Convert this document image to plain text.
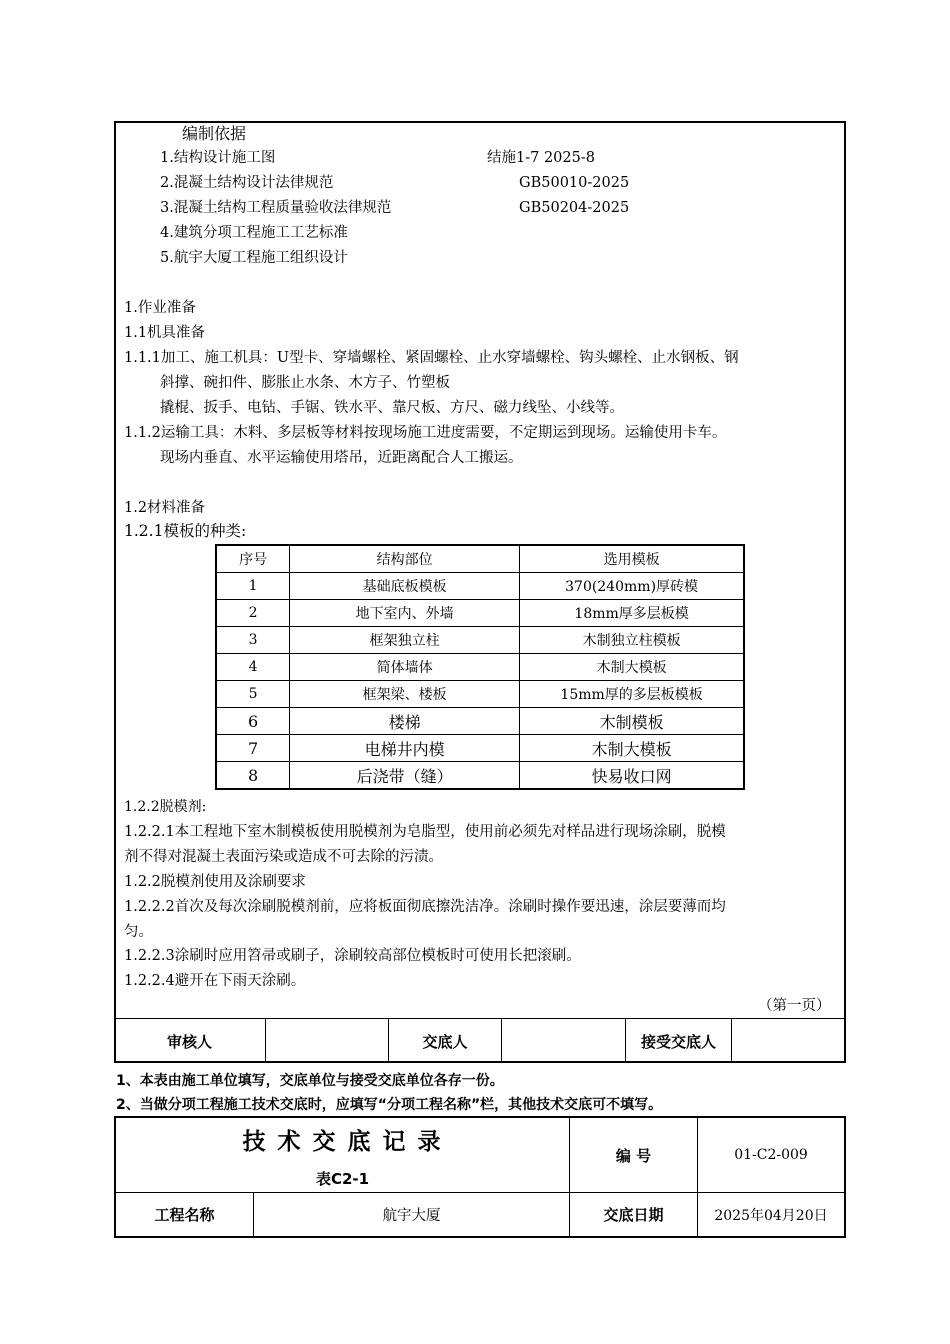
编制依据
1.结构设计施工图	结施1-7 2025-8
2.混凝土结构设计法律规范	GB50010-2025
3.混凝土结构工程质量验收法律规范	GB50204-2025
4.建筑分项工程施工工艺标准
5.航宇大厦工程施工组织设计
1.作业准备
1.1机具准备
1.1.1加工、施工机具：U型卡、穿墙螺栓、紧固螺栓、止水穿墙螺栓、钩头螺栓、止水钢板、钢
斜撑、碗扣件、膨胀止水条、木方子、竹塑板
撬棍、扳手、电钻、手锯、铁水平、靠尺板、方尺、磁力线坠、小线等。
1.1.2运输工具：木料、多层板等材料按现场施工进度需要，不定期运到现场。运输使用卡车。
现场内垂直、水平运输使用塔吊，近距离配合人工搬运。
1.2材料准备
1.2.1模板的种类:
序号	结构部位	选用模板
1	基础底板模板	370(240mm)厚砖模
2	地下室内、外墙	18mm厚多层板模
3	框架独立柱	木制独立柱模板
4	简体墙体	木制大模板
5	框架梁、楼板	15mm厚的多层板模板
6	楼梯	木制模板
7	电梯井内模	木制大模板
8	后浇带（缝）	快易收口网
1.2.2脱模剂:
1.2.2.1本工程地下室木制模板使用脱模剂为皂脂型，使用前必须先对样品进行现场涂刷，脱模
剂不得对混凝土表面污染或造成不可去除的污渍。
1.2.2脱模剂使用及涂刷要求
1.2.2.2首次及每次涂刷脱模剂前，应将板面彻底擦洗洁净。涂刷时操作要迅速，涂层要薄而均
匀。
1.2.2.3涂刷时应用笤帚或刷子，涂刷较高部位模板时可使用长把滚刷。
1.2.2.4避开在下雨天涂刷。
（第一页）
审核人	交底人	接受交底人
1、本表由施工单位填写，交底单位与接受交底单位各存一份。
2、当做分项工程施工技术交底时，应填写“分项工程名称”栏，其他技术交底可不填写。
技 术 交 底 记 录
表C2-1
编 号	01-C2-009
工程名称	航宇大厦	交底日期	2025年04月20日
